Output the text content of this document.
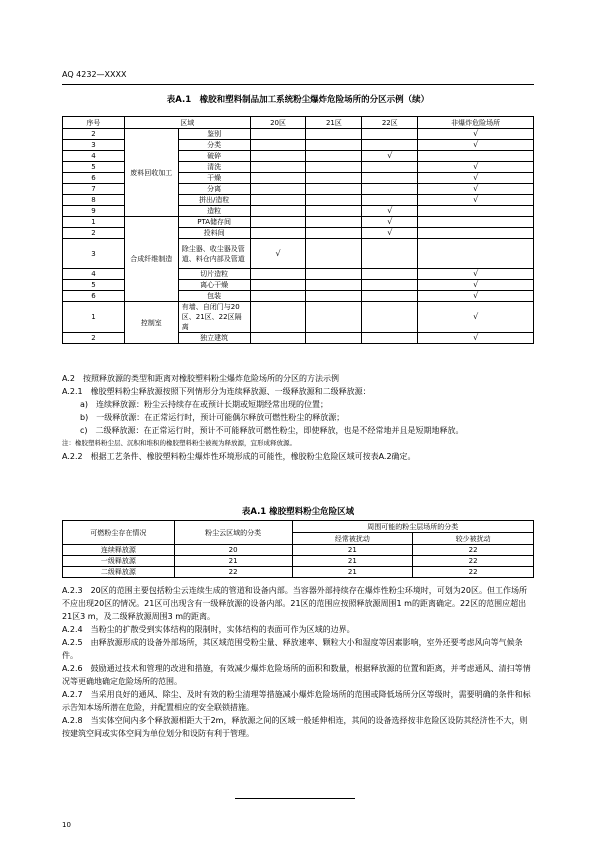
AQ 4232—XXXX
表A.1　橡胶和塑料制品加工系统粉尘爆炸危险场所的分区示例（续）
序号	区域		20区	21区	22区	非爆炸危险场所
2	废料回收加工	鉴别				√
3		分类				√
4		破碎			√	
5		清洗				√
6		干燥				√
7		分离				√
8		拼出/造粒				√
9		造粒			√	
1	合成纤维制造	PTA储存间			√	
2		投料间			√	
3		除尘器、收尘器及管道、料仓内部及管道	√			
4		切片造粒				√
5		离心干燥				√
6		包装				√
1	控制室	有墙、自闭门与20区、21区、22区隔离				√
2		独立建筑				√

A.2　按照释放源的类型和距离对橡胶塑料粉尘爆炸危险场所的分区的方法示例

A.2.1　橡胶塑料粉尘释放源按照下列情形分为连续释放源、一级释放源和二级释放源：

a)　连续释放源：粉尘云持续存在或预计长期或短期经常出现的位置；

b)　一级释放源：在正常运行时，预计可能偶尔释放可燃性粉尘的释放源；

c)　二级释放源：在正常运行时，预计不可能释放可燃性粉尘，即使释放，也是不经常地并且是短期地释放。

注：橡胶塑料粉尘层、沉积和堆积的橡胶塑料粉尘被视为释放源，宜形成释放源。

A.2.2　根据工艺条件、橡胶塑料粉尘爆炸性环境形成的可能性，橡胶粉尘危险区域可按表A.2确定。

表A.1 橡胶塑料粉尘危险区域
可燃粉尘存在情况	粉尘云区域的分类	周围可能的粉尘层场所的分类	
		经常被扰动	较少被扰动
连续释放源	20	21	22
一级释放源	21	21	22
二级释放源	22	21	22

A.2.3　20区的范围主要包括粉尘云连续生成的管道和设备内部。当容器外部持续存在爆炸性粉尘环境时，可划为20区。但工作场所不应出现20区的情况。21区可出现含有一级释放源的设备内部。21区的范围应按照释放源周围1 m的距离确定。22区的范围应超出21区3 m，及二级释放源周围3 m的距离。

A.2.4　当粉尘的扩散受到实体结构的限制时，实体结构的表面可作为区域的边界。

A.2.5　由释放源形成的设备外部场所，其区域范围受粉尘量、释放速率、颗粒大小和湿度等因素影响，室外还要考虑风向等气候条件。

A.2.6　鼓励通过技术和管理的改进和措施，有效减少爆炸危险场所的面积和数量，根据释放源的位置和距离，并考虑通风、清扫等情况等更确地确定危险场所的范围。

A.2.7　当采用良好的通风、除尘、及时有效的粉尘清理等措施减小爆炸危险场所的范围或降低场所分区等级时，需要明确的条件和标示告知本场所潜在危险，并配置相应的安全联锁措施。

A.2.8　当实体空间内多个释放源相距大于2m，释放源之间的区域一般延伸相连，其间的设备选择按非危险区设防其经济性不大，则按建筑空间或实体空间为单位划分和设防有利于管理。

10
